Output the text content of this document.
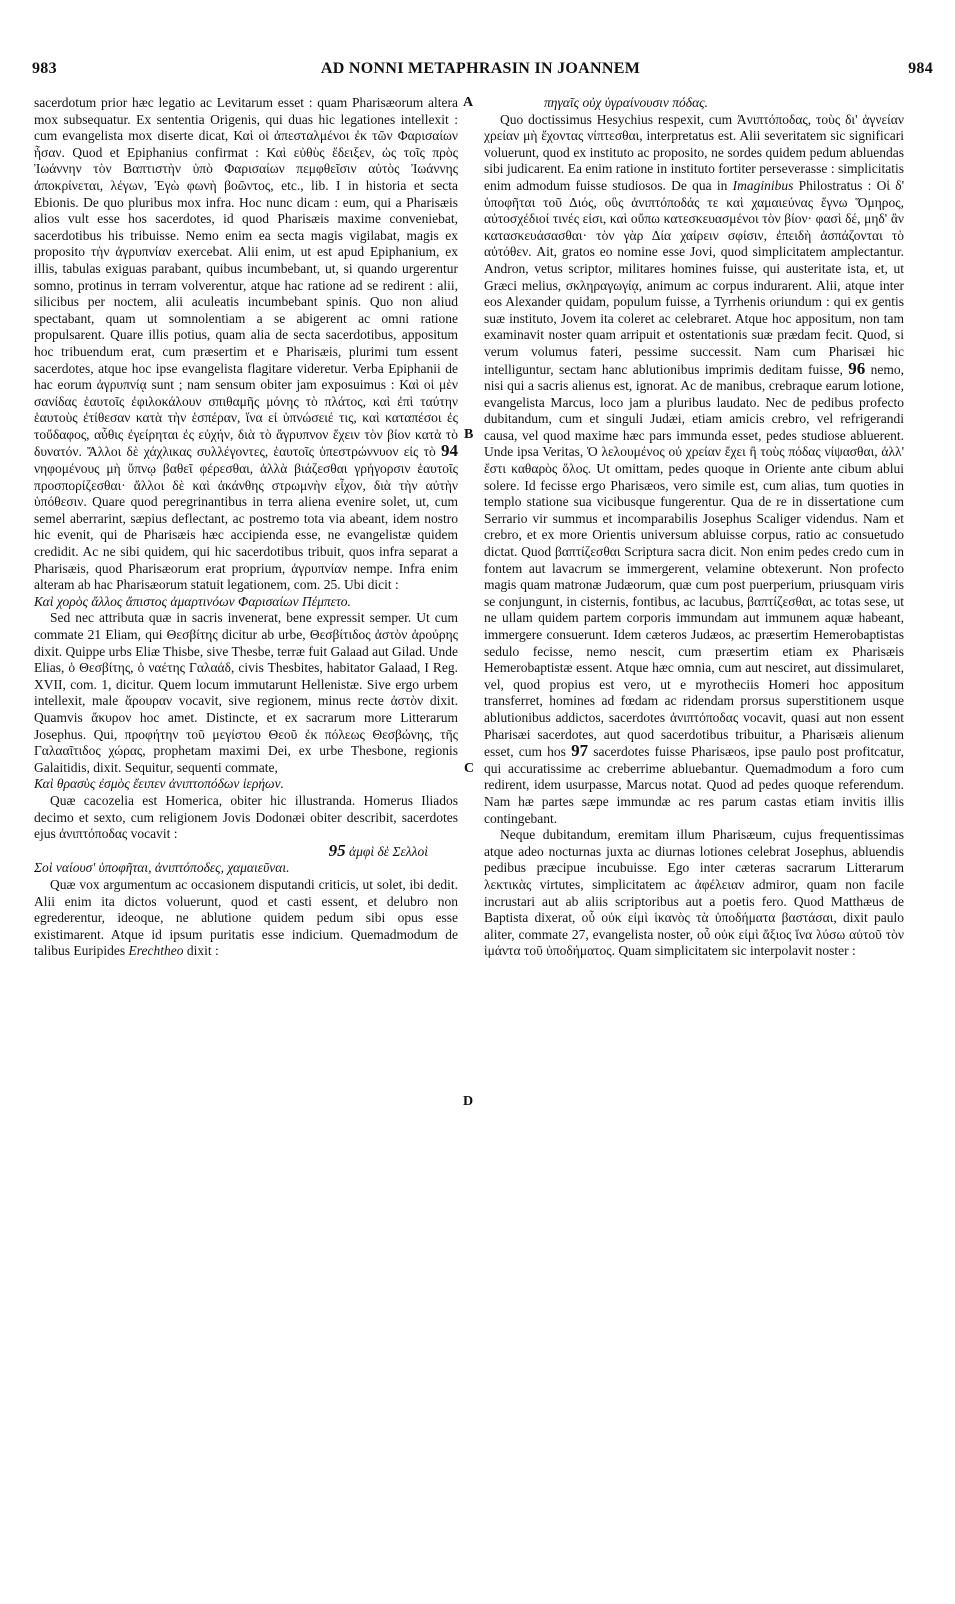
983	AD NONNI METAPHRASIN IN JOANNEM	984
A
B
C
D

sacerdotum prior hæc legatio ac Levitarum esset : quam Pharisæorum altera mox subsequatur. Ex sententia Origenis, qui duas hic legationes intellexit : cum evangelista mox diserte dicat, Καὶ οἱ ἀπεσταλμένοι ἐκ τῶν Φαρισαίων ἦσαν. Quod et Epiphanius confirmat : Καὶ εὐθὺς ἔδειξεν, ὡς τοῖς πρὸς Ἰωάννην τὸν Βαπτιστὴν ὑπὸ Φαρισαίων πεμφθεῖσιν αὐτὸς Ἰωάννης ἀποκρίνεται, λέγων, Ἐγὼ φωνὴ βοῶντος, etc., lib. I in historia et secta Ebionis. De quo pluribus mox infra. Hoc nunc dicam : eum, qui a Pharisæis alios vult esse hos sacerdotes, id quod Pharisæis maxime conveniebat, sacerdotibus his tribuisse. Nemo enim ea secta magis vigilabat, magis ex proposito τὴν ἀγρυπνίαν exercebat. Alii enim, ut est apud Epiphanium, ex illis, tabulas exiguas parabant, quibus incumbebant, ut, si quando urgerentur somno, protinus in terram volverentur, atque hac ratione ad se redirent : alii, silicibus per noctem, alii aculeatis incumbebant spinis. Quo non aliud spectabant, quam ut somnolentiam a se abigerent ac omni ratione propulsarent. Quare illis potius, quam alia de secta sacerdotibus, appositum hoc tribuendum erat, cum præsertim et e Pharisæis, plurimi tum essent sacerdotes, atque hoc ipse evangelista flagitare videretur. Verba Epiphanii de hac eorum ἀγρυπνίᾳ sunt ; nam sensum obiter jam exposuimus : Καὶ οἱ μὲν σανίδας ἑαυτοῖς ἐφιλοκάλουν σπιθαμῆς μόνης τὸ πλάτος, καὶ ἐπὶ ταύτην ἑαυτοὺς ἐτίθεσαν κατὰ τὴν ἑσπέραν, ἵνα εἰ ὑπνώσειέ τις, καὶ καταπέσοι ἐς τοὔδαφος, αὖθις ἐγείρηται ἐς εὐχήν, διὰ τὸ ἄγρυπνον ἔχειν τὸν βίον κατὰ τὸ δυνατόν. Ἄλλοι δὲ χάχλικας συλλέγοντες, ἑαυτοῖς ὑπεστρώννυον εἰς τὸ 94 νηφομένους μὴ ὕπνῳ βαθεῖ φέρεσθαι, ἀλλὰ βιάζεσθαι γρήγορσιν ἑαυτοῖς προσπορίζεσθαι· ἄλλοι δὲ καὶ ἀκάνθης στρωμνὴν εἶχον, διὰ τὴν αὐτὴν ὑπόθεσιν. Quare quod peregrinantibus in terra aliena evenire solet, ut, cum semel aberrarint, sæpius deflectant, ac postremo tota via abeant, idem nostro hic evenit, qui de Pharisæis hæc accipienda esse, ne evangelistæ quidem credidit. Ac ne sibi quidem, qui hic sacerdotibus tribuit, quos infra separat a Pharisæis, quod Pharisæorum erat proprium, ἀγρυπνίαν nempe. Infra enim alteram ab hac Pharisæorum statuit legationem, com. 25. Ubi dicit :

Καὶ χορὸς ἄλλος ἄπιστος ἁμαρτινόων Φαρισαίων Πέμπετο.

Sed nec attributa quæ in sacris invenerat, bene expressit semper. Ut cum commate 21 Eliam, qui Θεσβίτης dicitur ab urbe, Θεσβίτιδος ἀστὸν ἀρούρης dixit. Quippe urbs Eliæ Thisbe, sive Thesbe, terræ fuit Galaad aut Gilad. Unde Elias, ὁ Θεσβίτης, ὁ ναέτης Γαλαάδ, civis Thesbites, habitator Galaad, I Reg. XVII, com. 1, dicitur. Quem locum immutarunt Hellenistæ. Sive ergo urbem intellexit, male ἄρουραν vocavit, sive regionem, minus recte ἀστὸν dixit. Quamvis ἄκυρον hoc amet. Distincte, et ex sacrarum more Litterarum Josephus. Qui, προφήτην τοῦ μεγίστου Θεοῦ ἐκ πόλεως Θεσβώνης, τῆς Γαλααῖτιδος χώρας, prophetam maximi Dei, ex urbe Thesbone, regionis Galaitidis, dixit. Sequitur, sequenti commate,

Καὶ θρασὺς ἐσμὸς ἔειπεν ἀνιπτοπόδων ἱερήων.

Quæ cacozelia est Homerica, obiter hic illustranda. Homerus Iliados decimo et sexto, cum religionem Jovis Dodonæi obiter describit, sacerdotes ejus ἀνιπτόποδας vocavit :

95 ἀμφὶ δὲ Σελλοὶ

Σοὶ ναίουσ' ὑποφῆται, ἀνιπτόποδες, χαμαιεῦναι.

Quæ vox argumentum ac occasionem disputandi criticis, ut solet, ibi dedit. Alii enim ita dictos voluerunt, quod et casti essent, et delubro non egrederentur, ideoque, ne ablutione quidem pedum sibi opus esse existimarent. Atque id ipsum puritatis esse indicium. Quemadmodum de talibus Euripides Erechtheo dixit :

πηγαῖς οὐχ ὑγραίνουσιν πόδας.

Quo doctissimus Hesychius respexit, cum Ἀνιπτόποδας, τοὺς δι' ἁγνείαν χρείαν μὴ ἔχοντας νίπτεσθαι, interpretatus est. Alii severitatem sic significari voluerunt, quod ex instituto ac proposito, ne sordes quidem pedum abluendas sibi judicarent. Ea enim ratione in instituto fortiter perseverasse : simplicitatis enim admodum fuisse studiosos. De qua in Imaginibus Philostratus : Οἱ δ' ὑποφῆται τοῦ Διός, οὓς ἀνιπτόποδάς τε καὶ χαμαιεύνας ἔγνω Ὅμηρος, αὐτοσχέδιοί τινές εἰσι, καὶ οὔπω κατεσκευασμένοι τὸν βίον· φασὶ δέ, μηδ' ἂν κατασκευάσασθαι· τὸν γὰρ Δία χαίρειν σφίσιν, ἐπειδὴ ἀσπάζονται τὸ αὐτόθεν. Ait, gratos eo nomine esse Jovi, quod simplicitatem amplectantur. Andron, vetus scriptor, militares homines fuisse, qui austeritate ista, et, ut Græci melius, σκληραγωγίᾳ, animum ac corpus indurarent. Alii, atque inter eos Alexander quidam, populum fuisse, a Tyrrhenis oriundum : qui ex gentis suæ instituto, Jovem ita coleret ac celebraret. Atque hoc appositum, non tam examinavit noster quam arripuit et ostentationis suæ prædam fecit. Quod, si verum volumus fateri, pessime successit. Nam cum Pharisæi hic intelliguntur, sectam hanc ablutionibus imprimis deditam fuisse, 96 nemo, nisi qui a sacris alienus est, ignorat. Ac de manibus, crebraque earum lotione, evangelista Marcus, loco jam a pluribus laudato. Nec de pedibus profecto dubitandum, cum et singuli Judæi, etiam amicis crebro, vel refrigerandi causa, vel quod maxime hæc pars immunda esset, pedes studiose abluerent. Unde ipsa Veritas, Ὁ λελουμένος οὐ χρείαν ἔχει ἢ τοὺς πόδας νίψασθαι, ἀλλ' ἔστι καθαρὸς ὅλος. Ut omittam, pedes quoque in Oriente ante cibum ablui solere. Id fecisse ergo Pharisæos, vero simile est, cum alias, tum quoties in templo statione sua vicibusque fungerentur. Qua de re in dissertatione cum Serrario vir summus et incomparabilis Josephus Scaliger videndus. Nam et crebro, et ex more Orientis universum abluisse corpus, ratio ac consuetudo dictat. Quod βαπτίζεσθαι Scriptura sacra dicit. Non enim pedes credo cum in fontem aut lavacrum se immergerent, velamine obtexerunt. Non profecto magis quam matronæ Judæorum, quæ cum post puerperium, priusquam viris se conjungunt, in cisternis, fontibus, ac lacubus, βαπτίζεσθαι, ac totas sese, ut ne ullam quidem partem corporis immundam aut immunem aquæ habeant, immergere consuerunt. Idem cæteros Judæos, ac præsertim Hemerobaptistas sedulo fecisse, nemo nescit, cum præsertim etiam ex Pharisæis Hemerobaptistæ essent. Atque hæc omnia, cum aut nesciret, aut dissimularet, vel, quod propius est vero, ut e myrotheciis Homeri hoc appositum transferret, homines ad fœdam ac ridendam prorsus superstitionem usque ablutionibus addictos, sacerdotes ἀνιπτόποδας vocavit, quasi aut non essent Pharisæi sacerdotes, aut quod sacerdotibus tribuitur, a Pharisæis alienum esset, cum hos 97 sacerdotes fuisse Pharisæos, ipse paulo post profitcatur, qui accuratissime ac creberrime abluebantur. Quemadmodum a foro cum redirent, idem usurpasse, Marcus notat. Quod ad pedes quoque referendum. Nam hæ partes sæpe immundæ ac res parum castas etiam invitis illis contingebant.

Neque dubitandum, eremitam illum Pharisæum, cujus frequentissimas atque adeo nocturnas juxta ac diurnas lotiones celebrat Josephus, abluendis pedibus præcipue incubuisse. Ego inter cæteras sacrarum Litterarum λεκτικὰς virtutes, simplicitatem ac ἀφέλειαν admiror, quam non facile incrustari aut ab aliis scriptoribus aut a poetis fero. Quod Matthæus de Baptista dixerat, οὗ οὐκ εἰμὶ ἱκανὸς τὰ ὑποδήματα βαστάσαι, dixit paulo aliter, commate 27, evangelista noster, οὗ οὐκ εἰμὶ ἄξιος ἵνα λύσω αὐτοῦ τὸν ἱμάντα τοῦ ὑποδήματος. Quam simplicitatem sic interpolavit noster :
